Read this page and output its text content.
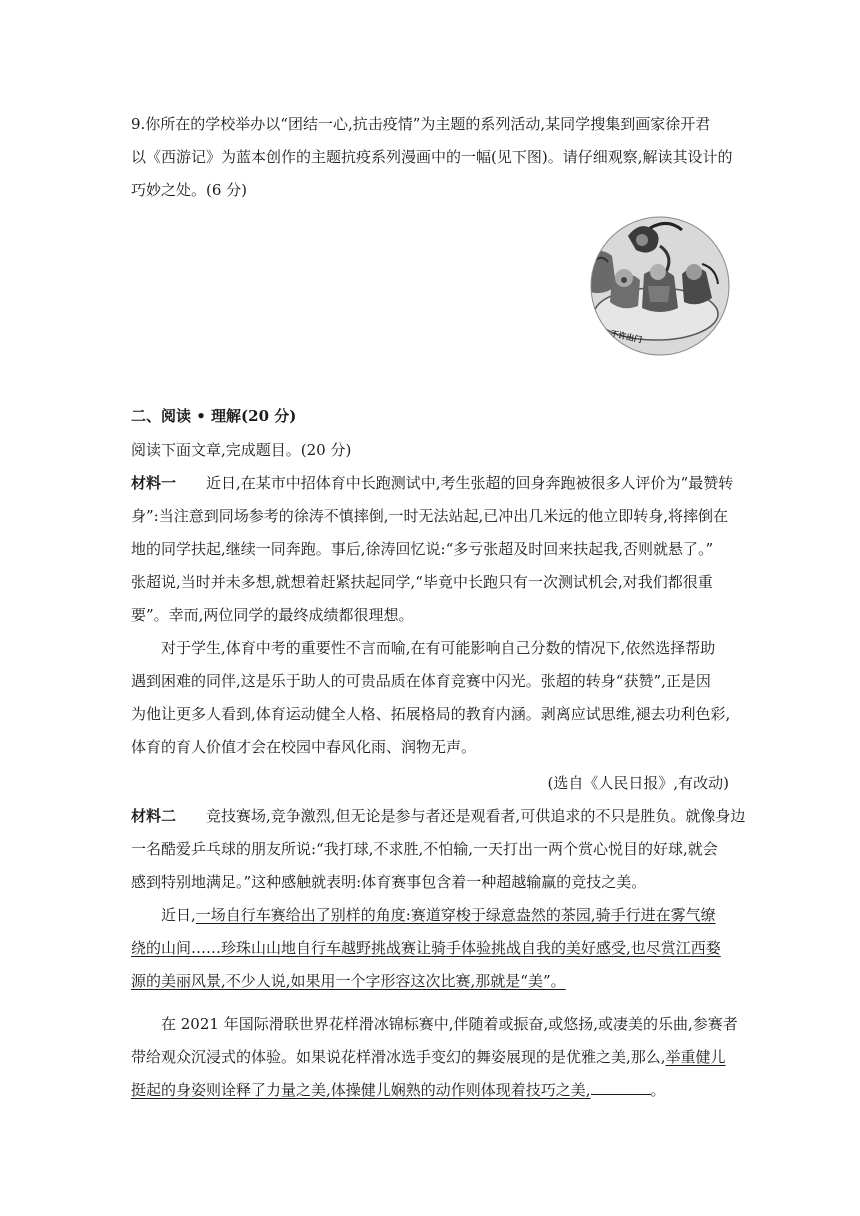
9.你所在的学校举办以“团结一心,抗击疫情”为主题的系列活动,某同学搜集到画家徐开君
以《西游记》为蓝本创作的主题抗疫系列漫画中的一幅(见下图)。请仔细观察,解读其设计的
巧妙之处。(6 分)
不许出门
二、阅读 • 理解(20 分)
阅读下面文章,完成题目。(20 分)
材料一 近日,在某市中招体育中长跑测试中,考生张超的回身奔跑被很多人评价为“最赞转
身”:当注意到同场参考的徐涛不慎摔倒,一时无法站起,已冲出几米远的他立即转身,将摔倒在
地的同学扶起,继续一同奔跑。事后,徐涛回忆说:“多亏张超及时回来扶起我,否则就悬了。”
张超说,当时并未多想,就想着赶紧扶起同学,“毕竟中长跑只有一次测试机会,对我们都很重
要”。幸而,两位同学的最终成绩都很理想。
对于学生,体育中考的重要性不言而喻,在有可能影响自己分数的情况下,依然选择帮助
遇到困难的同伴,这是乐于助人的可贵品质在体育竞赛中闪光。张超的转身“获赞”,正是因
为他让更多人看到,体育运动健全人格、拓展格局的教育内涵。剥离应试思维,褪去功利色彩,
体育的育人价值才会在校园中春风化雨、润物无声。
(选自《人民日报》,有改动)
材料二 竞技赛场,竞争激烈,但无论是参与者还是观看者,可供追求的不只是胜负。就像身边
一名酷爱乒乓球的朋友所说:“我打球,不求胜,不怕输,一天打出一两个赏心悦目的好球,就会
感到特别地满足。”这种感触就表明:体育赛事包含着一种超越输赢的竞技之美。
近日,一场自行车赛给出了别样的角度:赛道穿梭于绿意盎然的茶园,骑手行进在雾气缭
绕的山间……珍珠山山地自行车越野挑战赛让骑手体验挑战自我的美好感受,也尽赏江西婺
源的美丽风景,不少人说,如果用一个字形容这次比赛,那就是“美”。
在 2021 年国际滑联世界花样滑冰锦标赛中,伴随着或振奋,或悠扬,或凄美的乐曲,参赛者
带给观众沉浸式的体验。如果说花样滑冰选手变幻的舞姿展现的是优雅之美,那么,举重健儿
挺起的身姿则诠释了力量之美,体操健儿娴熟的动作则体现着技巧之美,	。
